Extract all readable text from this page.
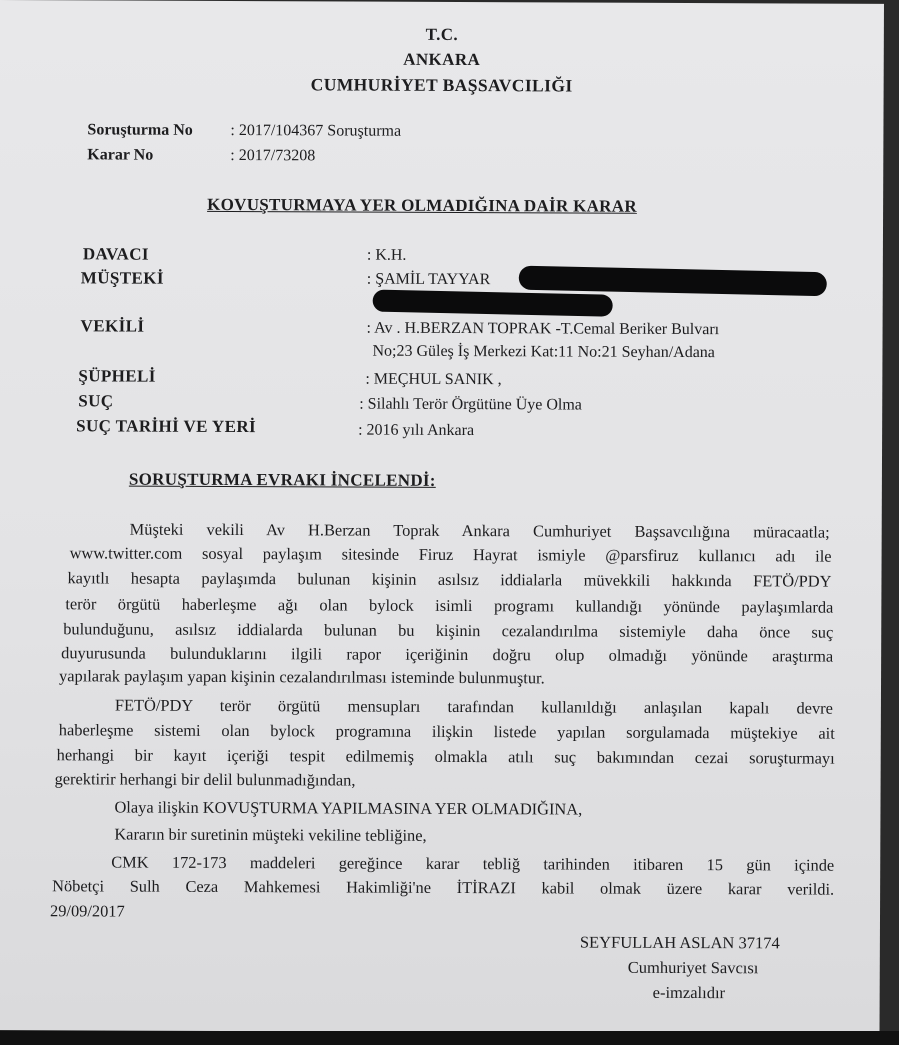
T.C.
ANKARA
CUMHURİYET BAŞSAVCILIĞI
Soruşturma No : 2017/104367 Soruşturma
Karar No	: 2017/73208
KOVUŞTURMAYA YER OLMADIĞINA DAİR KARAR
DAVACI	: K.H.
MÜŞTEKİ	: ŞAMİL TAYYAR
VEKİLİ	: Av . H.BERZAN TOPRAK -T.Cemal Beriker Bulvarı
No;23 Güleş İş Merkezi Kat:11 No:21 Seyhan/Adana
ŞÜPHELİ	: MEÇHUL SANIK ,
SUÇ	: Silahlı Terör Örgütüne Üye Olma
SUÇ TARİHİ VE YERİ	: 2016 yılı Ankara
SORUŞTURMA EVRAKI İNCELENDİ:
Müşteki vekili Av H.Berzan Toprak Ankara Cumhuriyet Başsavcılığına müracaatla;
www.twitter.com sosyal paylaşım sitesinde Firuz Hayrat ismiyle @parsfiruz kullanıcı adı ile
kayıtlı hesapta paylaşımda bulunan kişinin asılsız iddialarla müvekkili hakkında FETÖ/PDY
terör örgütü haberleşme ağı olan bylock isimli programı kullandığı yönünde paylaşımlarda
bulunduğunu, asılsız iddialarda bulunan bu kişinin cezalandırılma sistemiyle daha önce suç
duyurusunda bulunduklarını ilgili rapor içeriğinin doğru olup olmadığı yönünde araştırma
yapılarak paylaşım yapan kişinin cezalandırılması isteminde bulunmuştur.
FETÖ/PDY terör örgütü mensupları tarafından kullanıldığı anlaşılan kapalı devre
haberleşme sistemi olan bylock programına ilişkin listede yapılan sorgulamada müştekiye ait
herhangi bir kayıt içeriği tespit edilmemiş olmakla atılı suç bakımından cezai soruşturmayı
gerektirir herhangi bir delil bulunmadığından,
Olaya ilişkin KOVUŞTURMA YAPILMASINA YER OLMADIĞINA,
Kararın bir suretinin müşteki vekiline tebliğine,
CMK 172-173 maddeleri gereğince karar tebliğ tarihinden itibaren 15 gün içinde
Nöbetçi Sulh Ceza Mahkemesi Hakimliği'ne İTİRAZI kabil olmak üzere karar verildi.
29/09/2017
SEYFULLAH ASLAN 37174
Cumhuriyet Savcısı
e-imzalıdır
